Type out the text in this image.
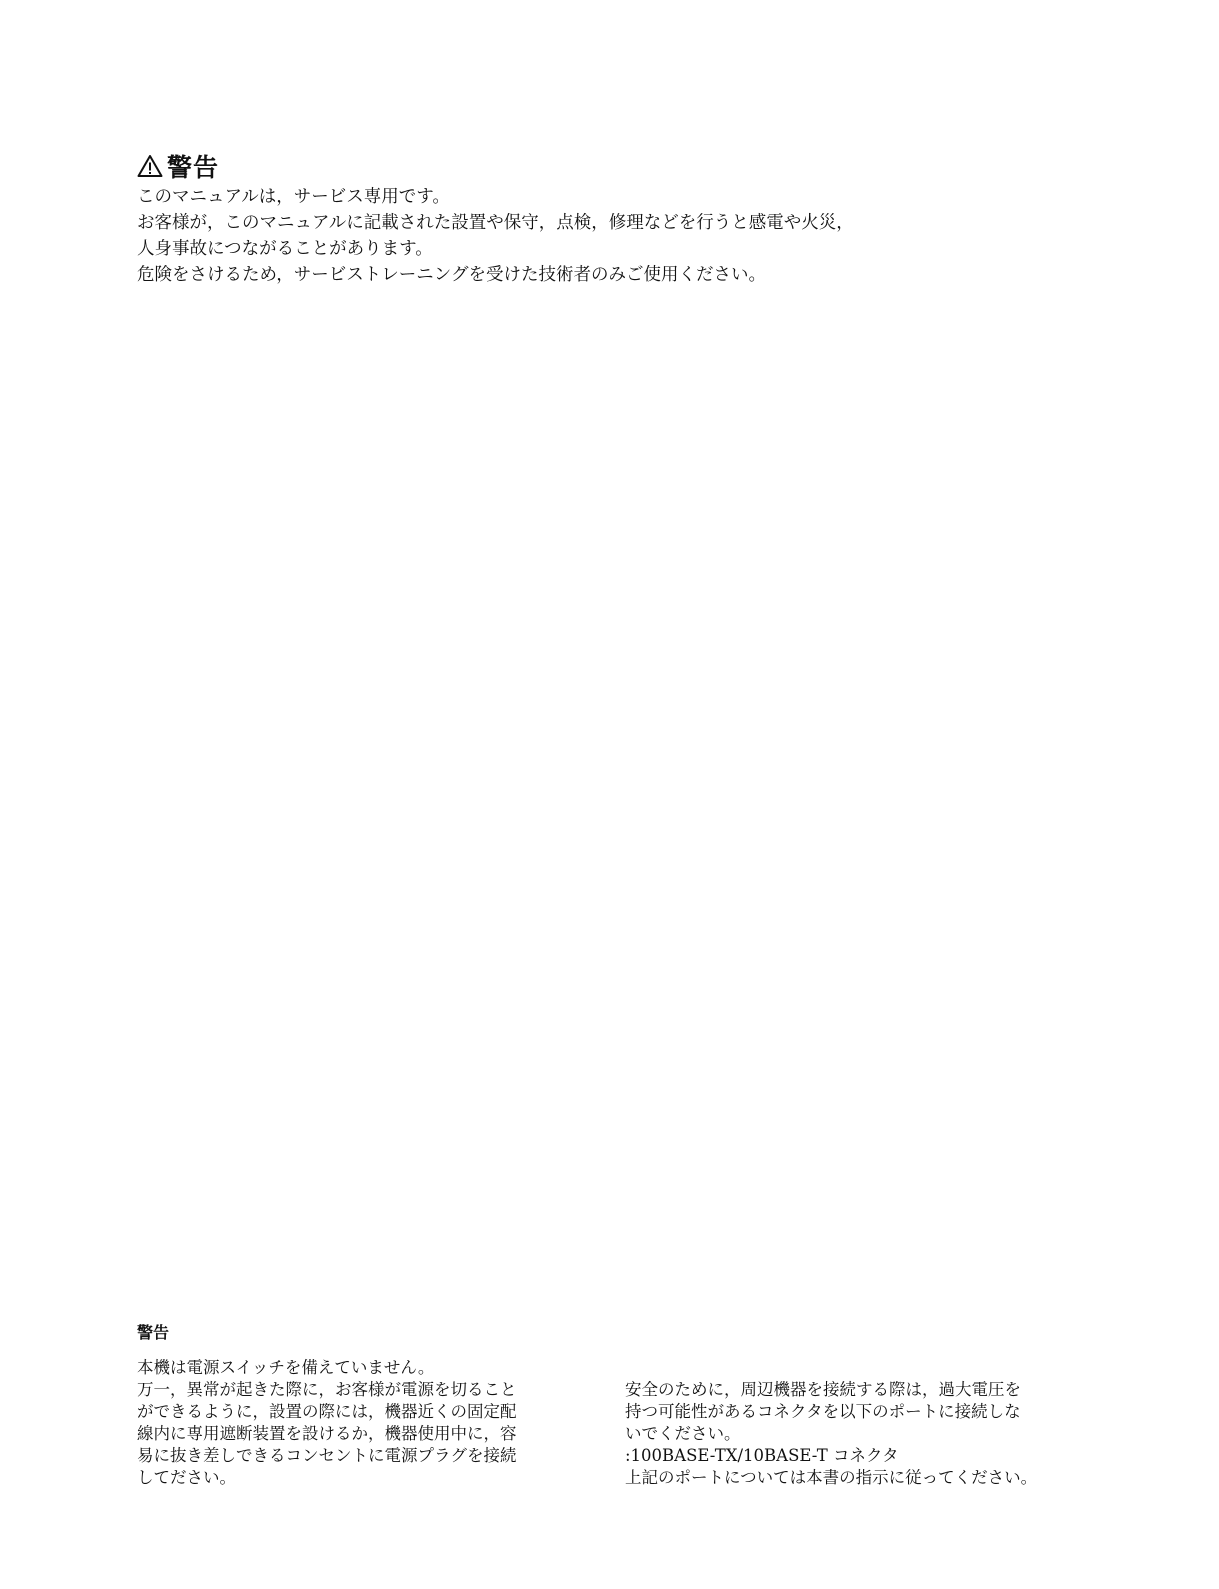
警告
このマニュアルは，サービス専用です。
お客様が，このマニュアルに記載された設置や保守，点検，修理などを行うと感電や火災，
人身事故につながることがあります。
危険をさけるため，サービストレーニングを受けた技術者のみご使用ください。
警告
本機は電源スイッチを備えていません。
万一，異常が起きた際に，お客様が電源を切ること
ができるように，設置の際には，機器近くの固定配
線内に専用遮断装置を設けるか，機器使用中に，容
易に抜き差しできるコンセントに電源プラグを接続
してださい。
安全のために，周辺機器を接続する際は，過大電圧を
持つ可能性があるコネクタを以下のポートに接続しな
いでください。
:100BASE-TX/10BASE-T コネクタ
上記のポートについては本書の指示に従ってください。
